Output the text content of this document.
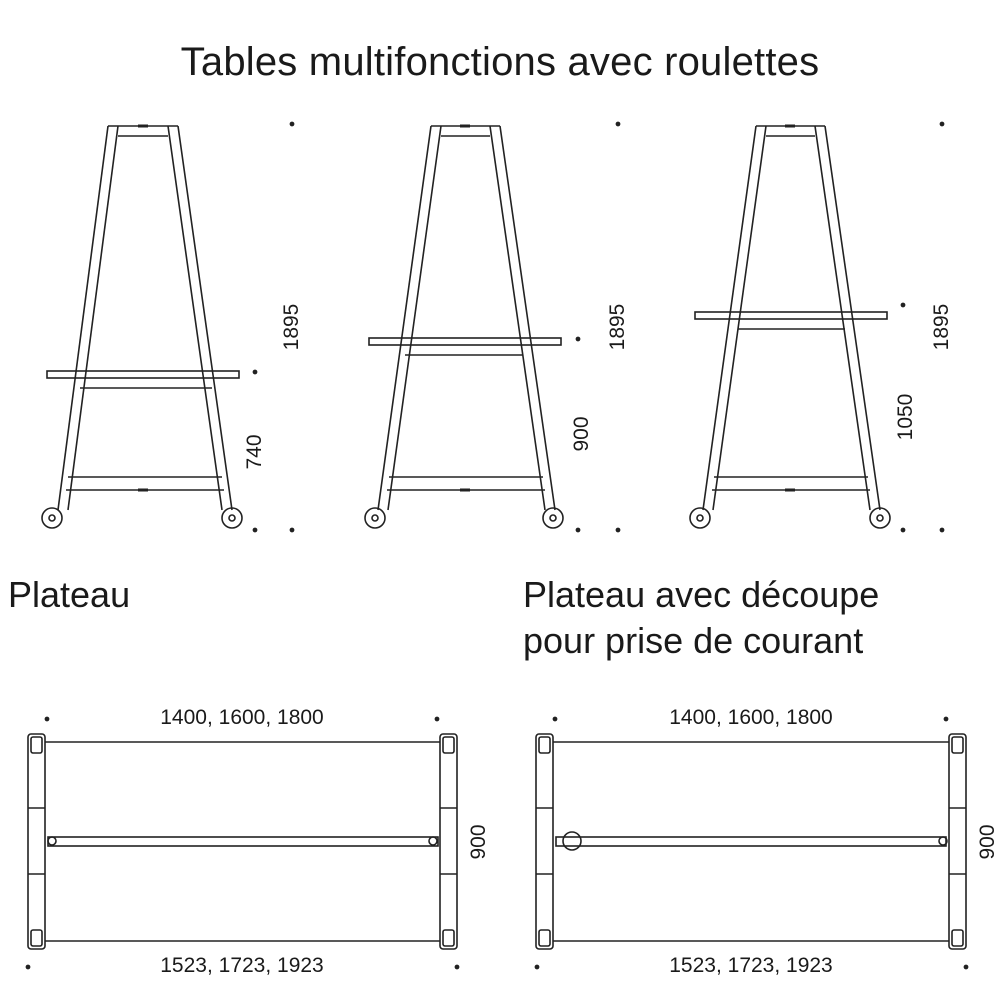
Tables multifonctions avec roulettes
1895
740
1895
900
1895
1050
Plateau	Plateau avec découpe
pour prise de courant
1400, 1600, 1800
1523, 1723, 1923
900
1400, 1600, 1800
1523, 1723, 1923
900
